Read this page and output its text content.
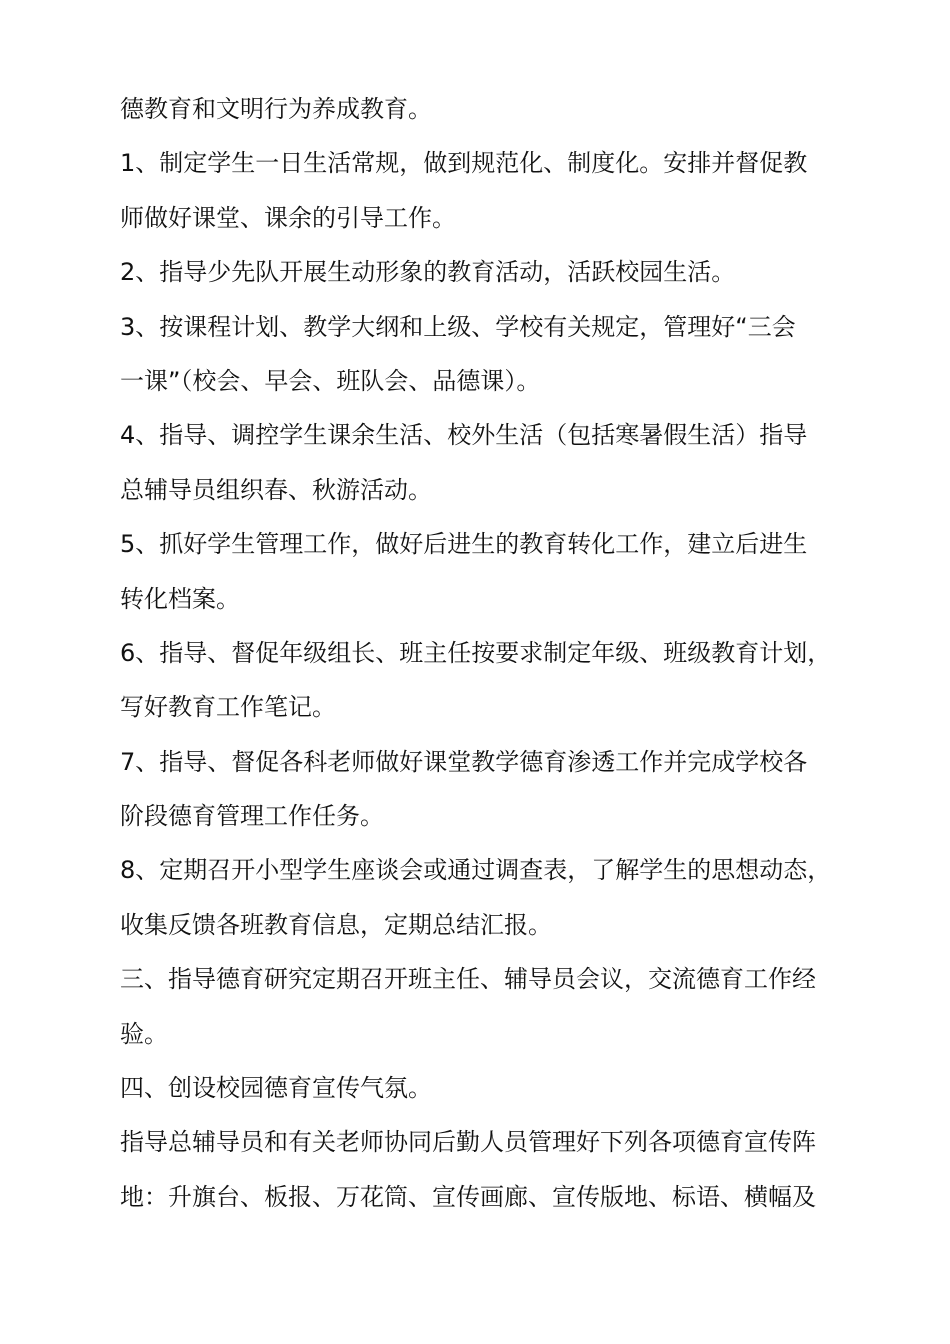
德教育和文明行为养成教育。
1、制定学生一日生活常规，做到规范化、制度化。安排并督促教
师做好课堂、课余的引导工作。
2、指导少先队开展生动形象的教育活动，活跃校园生活。
3、按课程计划、教学大纲和上级、学校有关规定，管理好“三会
一课”（校会、早会、班队会、品德课）。
4、指导、调控学生课余生活、校外生活（包括寒暑假生活）指导
总辅导员组织春、秋游活动。
5、抓好学生管理工作，做好后进生的教育转化工作，建立后进生
转化档案。
6、指导、督促年级组长、班主任按要求制定年级、班级教育计划，
写好教育工作笔记。
7、指导、督促各科老师做好课堂教学德育渗透工作并完成学校各
阶段德育管理工作任务。
8、定期召开小型学生座谈会或通过调查表，了解学生的思想动态，
收集反馈各班教育信息，定期总结汇报。
三、指导德育研究定期召开班主任、辅导员会议，交流德育工作经
验。
四、创设校园德育宣传气氛。
指导总辅导员和有关老师协同后勤人员管理好下列各项德育宣传阵
地：升旗台、板报、万花筒、宣传画廊、宣传版地、标语、横幅及
